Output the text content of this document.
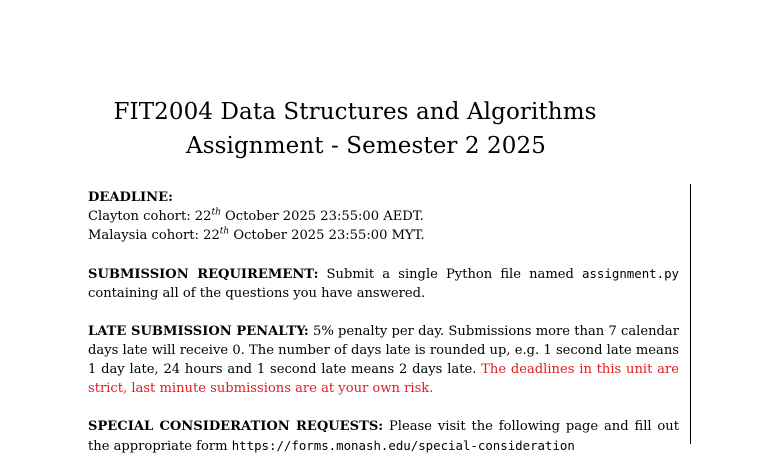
FIT2004 Data Structures and Algorithms
Assignment - Semester 2 2025
DEADLINE:
Clayton cohort: 22th October 2025 23:55:00 AEDT.
Malaysia cohort: 22th October 2025 23:55:00 MYT.
SUBMISSION REQUIREMENT: Submit a single Python file named assignment.py containing all of the questions you have answered.
LATE SUBMISSION PENALTY: 5% penalty per day. Submissions more than 7 calendar days late will receive 0. The number of days late is rounded up, e.g. 1 second late means 1 day late, 24 hours and 1 second late means 2 days late. The deadlines in this unit are strict, last minute submissions are at your own risk.
SPECIAL CONSIDERATION REQUESTS: Please visit the following page and fill out the appropriate form https://forms.monash.edu/special-consideration
